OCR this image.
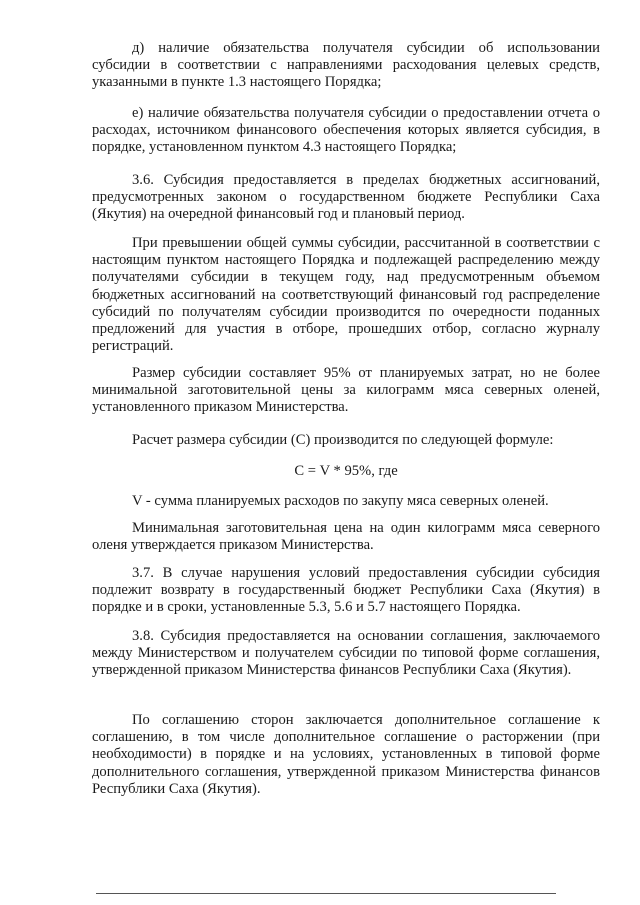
д) наличие обязательства получателя субсидии об использовании субсидии в соответствии с направлениями расходования целевых средств, указанными в пункте 1.3 настоящего Порядка;

е) наличие обязательства получателя субсидии о предоставлении отчета о расходах, источником финансового обеспечения которых является субсидия, в порядке, установленном пунктом 4.3 настоящего Порядка;

3.6. Субсидия предоставляется в пределах бюджетных ассигнований, предусмотренных законом о государственном бюджете Республики Саха (Якутия) на очередной финансовый год и плановый период.

При превышении общей суммы субсидии, рассчитанной в соответствии с настоящим пунктом настоящего Порядка и подлежащей распределению между получателями субсидии в текущем году, над предусмотренным объемом бюджетных ассигнований на соответствующий финансовый год распределение субсидий по получателям субсидии производится по очередности поданных предложений для участия в отборе, прошедших отбор, согласно журналу регистраций.

Размер субсидии составляет 95% от планируемых затрат, но не более минимальной заготовительной цены за килограмм мяса северных оленей, установленного приказом Министерства.

Расчет размера субсидии (С) производится по следующей формуле:

С = V * 95%, где

V - сумма планируемых расходов по закупу мяса северных оленей.

Минимальная заготовительная цена на один килограмм мяса северного оленя утверждается приказом Министерства.

3.7. В случае нарушения условий предоставления субсидии субсидия подлежит возврату в государственный бюджет Республики Саха (Якутия) в порядке и в сроки, установленные 5.3, 5.6 и 5.7 настоящего Порядка.

3.8. Субсидия предоставляется на основании соглашения, заключаемого между Министерством и получателем субсидии по типовой форме соглашения, утвержденной приказом Министерства финансов Республики Саха (Якутия).

По соглашению сторон заключается дополнительное соглашение к соглашению, в том числе дополнительное соглашение о расторжении (при необходимости) в порядке и на условиях, установленных в типовой форме дополнительного соглашения, утвержденной приказом Министерства финансов Республики Саха (Якутия).
